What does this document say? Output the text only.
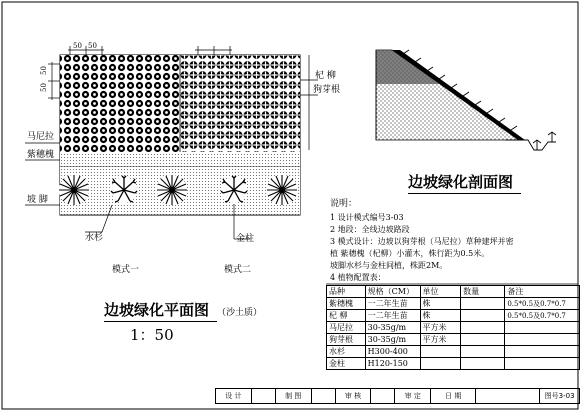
50 50
50
50
杞 柳
狗芽根
马尼拉
紫穗槐
坡 脚
水杉	金柱
模式一	模式二
边坡绿化平面图 （沙土质）
1：50
边坡绿化剖面图
说明：
1 设计模式编号3-03
2 地段：全线边坡路段
3 模式设计：边坡以狗芽根（马尼拉）草种建坪并密
植 紫穗槐（杞柳）小灌木，株行距为0.5米。
坡脚水杉与金柱间植，株距2M。
4 植物配置表：
品种	规格（CM）	单位	数量	备注
紫穗槐	一二年生苗	株		0.5*0.5及0.7*0.7
杞 柳	一二年生苗	株		0.5*0.5及0.7*0.7
马尼拉	30-35g/m	平方米		
狗芽根	30-35g/m	平方米		
水杉	H300-400			
金柱	H120-150			
设 计		制 图		审 核		审 定	日 期		图号3-03
